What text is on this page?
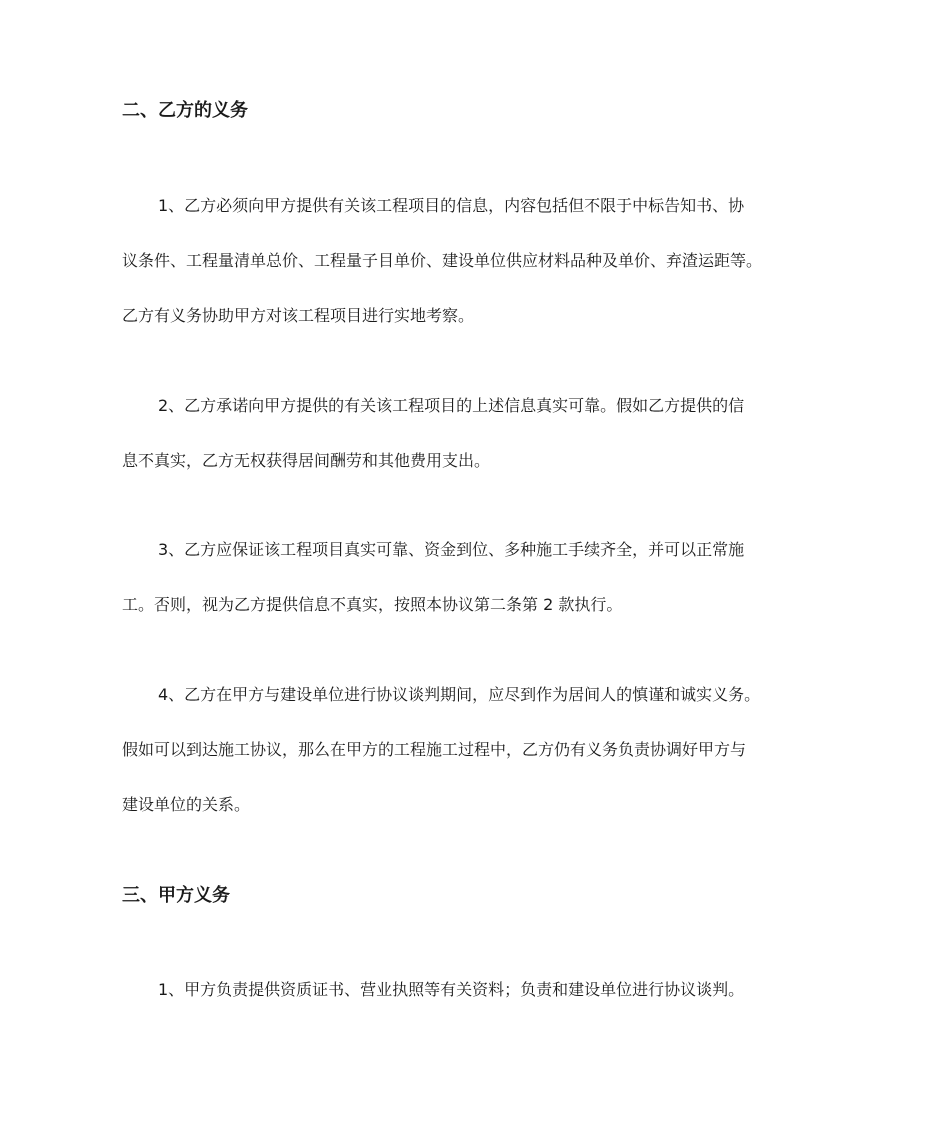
二、乙方的义务
1、乙方必须向甲方提供有关该工程项目的信息，内容包括但不限于中标告知书、协
议条件、工程量清单总价、工程量子目单价、建设单位供应材料品种及单价、弃渣运距等。
乙方有义务协助甲方对该工程项目进行实地考察。
2、乙方承诺向甲方提供的有关该工程项目的上述信息真实可靠。假如乙方提供的信
息不真实，乙方无权获得居间酬劳和其他费用支出。
3、乙方应保证该工程项目真实可靠、资金到位、多种施工手续齐全，并可以正常施
工。否则，视为乙方提供信息不真实，按照本协议第二条第 2 款执行。
4、乙方在甲方与建设单位进行协议谈判期间，应尽到作为居间人的慎谨和诚实义务。
假如可以到达施工协议，那么在甲方的工程施工过程中，乙方仍有义务负责协调好甲方与
建设单位的关系。
三、甲方义务
1、甲方负责提供资质证书、营业执照等有关资料；负责和建设单位进行协议谈判。
